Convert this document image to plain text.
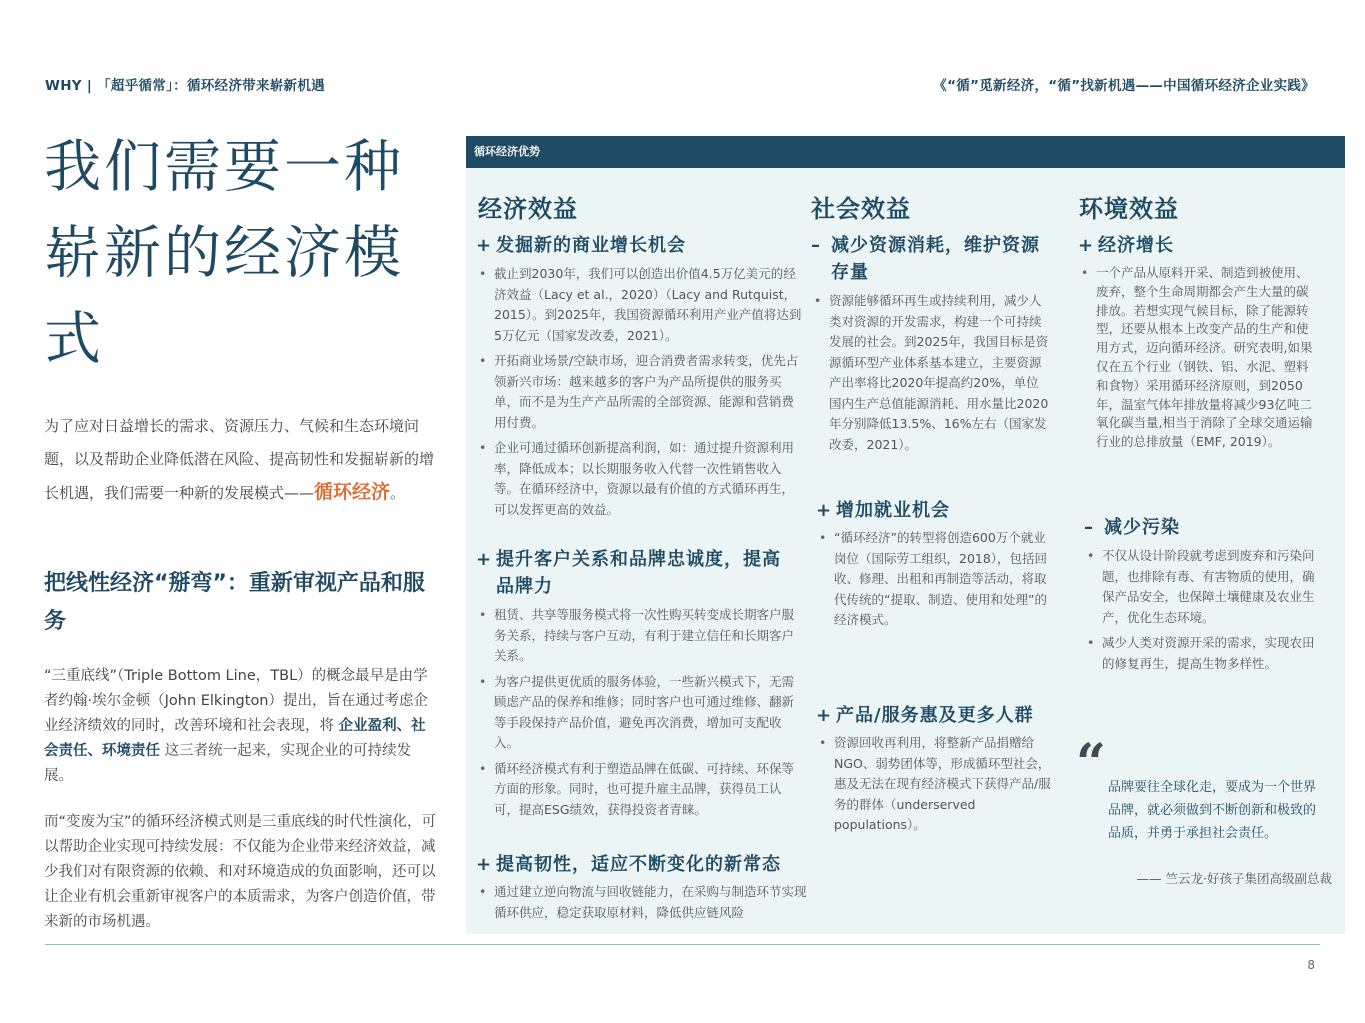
WHY | 「超乎循常」：循环经济带来崭新机遇	《“循”觅新经济，“循”找新机遇——中国循环经济企业实践》
我们需要一种崭新的经济模式

为了应对日益增长的需求、资源压力、气候和生态环境问题，以及帮助企业降低潜在风险、提高韧性和发掘崭新的增长机遇，我们需要一种新的发展模式——循环经济。

把线性经济“掰弯”：重新审视产品和服务

“三重底线”（Triple Bottom Line，TBL）的概念最早是由学者约翰·埃尔金顿（John Elkington）提出，旨在通过考虑企业经济绩效的同时，改善环境和社会表现，将 企业盈利、社会责任、环境责任 这三者统一起来，实现企业的可持续发展。

而“变废为宝”的循环经济模式则是三重底线的时代性演化，可以帮助企业实现可持续发展：不仅能为企业带来经济效益，减少我们对有限资源的依赖、和对环境造成的负面影响，还可以让企业有机会重新审视客户的本质需求，为客户创造价值，带来新的市场机遇。

循环经济优势
经济效益
+ 发掘新的商业增长机会
• 截止到2030年，我们可以创造出价值4.5万亿美元的经济效益（Lacy et al.，2020）（Lacy and Rutquist，2015）。到2025年，我国资源循环利用产业产值将达到5万亿元（国家发改委，2021）。
• 开拓商业场景/空缺市场，迎合消费者需求转变，优先占领新兴市场：越来越多的客户为产品所提供的服务买单，而不是为生产产品所需的全部资源、能源和营销费用付费。
• 企业可通过循环创新提高利润，如：通过提升资源利用率，降低成本；以长期服务收入代替一次性销售收入等。在循环经济中，资源以最有价值的方式循环再生，可以发挥更高的效益。
+ 提升客户关系和品牌忠诚度，提高品牌力
• 租赁、共享等服务模式将一次性购买转变成长期客户服务关系，持续与客户互动，有利于建立信任和长期客户关系。
• 为客户提供更优质的服务体验，一些新兴模式下，无需顾虑产品的保养和维修；同时客户也可通过维修、翻新等手段保持产品价值，避免再次消费，增加可支配收入。
• 循环经济模式有利于塑造品牌在低碳、可持续、环保等方面的形象。同时，也可提升雇主品牌，获得员工认可，提高ESG绩效，获得投资者青睐。
+ 提高韧性，适应不断变化的新常态
• 通过建立逆向物流与回收链能力，在采购与制造环节实现循环供应，稳定获取原材料，降低供应链风险
社会效益
– 减少资源消耗，维护资源存量
• 资源能够循环再生或持续利用，减少人类对资源的开发需求，构建一个可持续发展的社会。到2025年，我国目标是资源循环型产业体系基本建立，主要资源产出率将比2020年提高约20%，单位国内生产总值能源消耗、用水量比2020年分别降低13.5%、16%左右（国家发改委，2021）。
+ 增加就业机会
• “循环经济”的转型将创造600万个就业岗位（国际劳工组织，2018），包括回收、修理、出租和再制造等活动，将取代传统的“提取、制造、使用和处理”的经济模式。
+ 产品/服务惠及更多人群
• 资源回收再利用，将整新产品捐赠给NGO、弱势团体等，形成循环型社会，惠及无法在现有经济模式下获得产品/服务的群体（underserved populations）。
环境效益
+ 经济增长
• 一个产品从原料开采、制造到被使用、废弃，整个生命周期都会产生大量的碳排放。若想实现气候目标，除了能源转型，还要从根本上改变产品的生产和使用方式，迈向循环经济。研究表明,如果仅在五个行业（钢铁、铝、水泥、塑料和食物）采用循环经济原则，到2050年，温室气体年排放量将减少93亿吨二氧化碳当量,相当于消除了全球交通运输行业的总排放量（EMF, 2019）。
– 减少污染
• 不仅从设计阶段就考虑到废弃和污染问题，也排除有毒、有害物质的使用，确保产品安全，也保障土壤健康及农业生产，优化生态环境。
• 减少人类对资源开采的需求，实现农田的修复再生，提高生物多样性。
“ 品牌要往全球化走，要成为一个世界品牌，就必须做到不断创新和极致的品质，并勇于承担社会责任。
—— 竺云龙·好孩子集团高级副总裁
8
